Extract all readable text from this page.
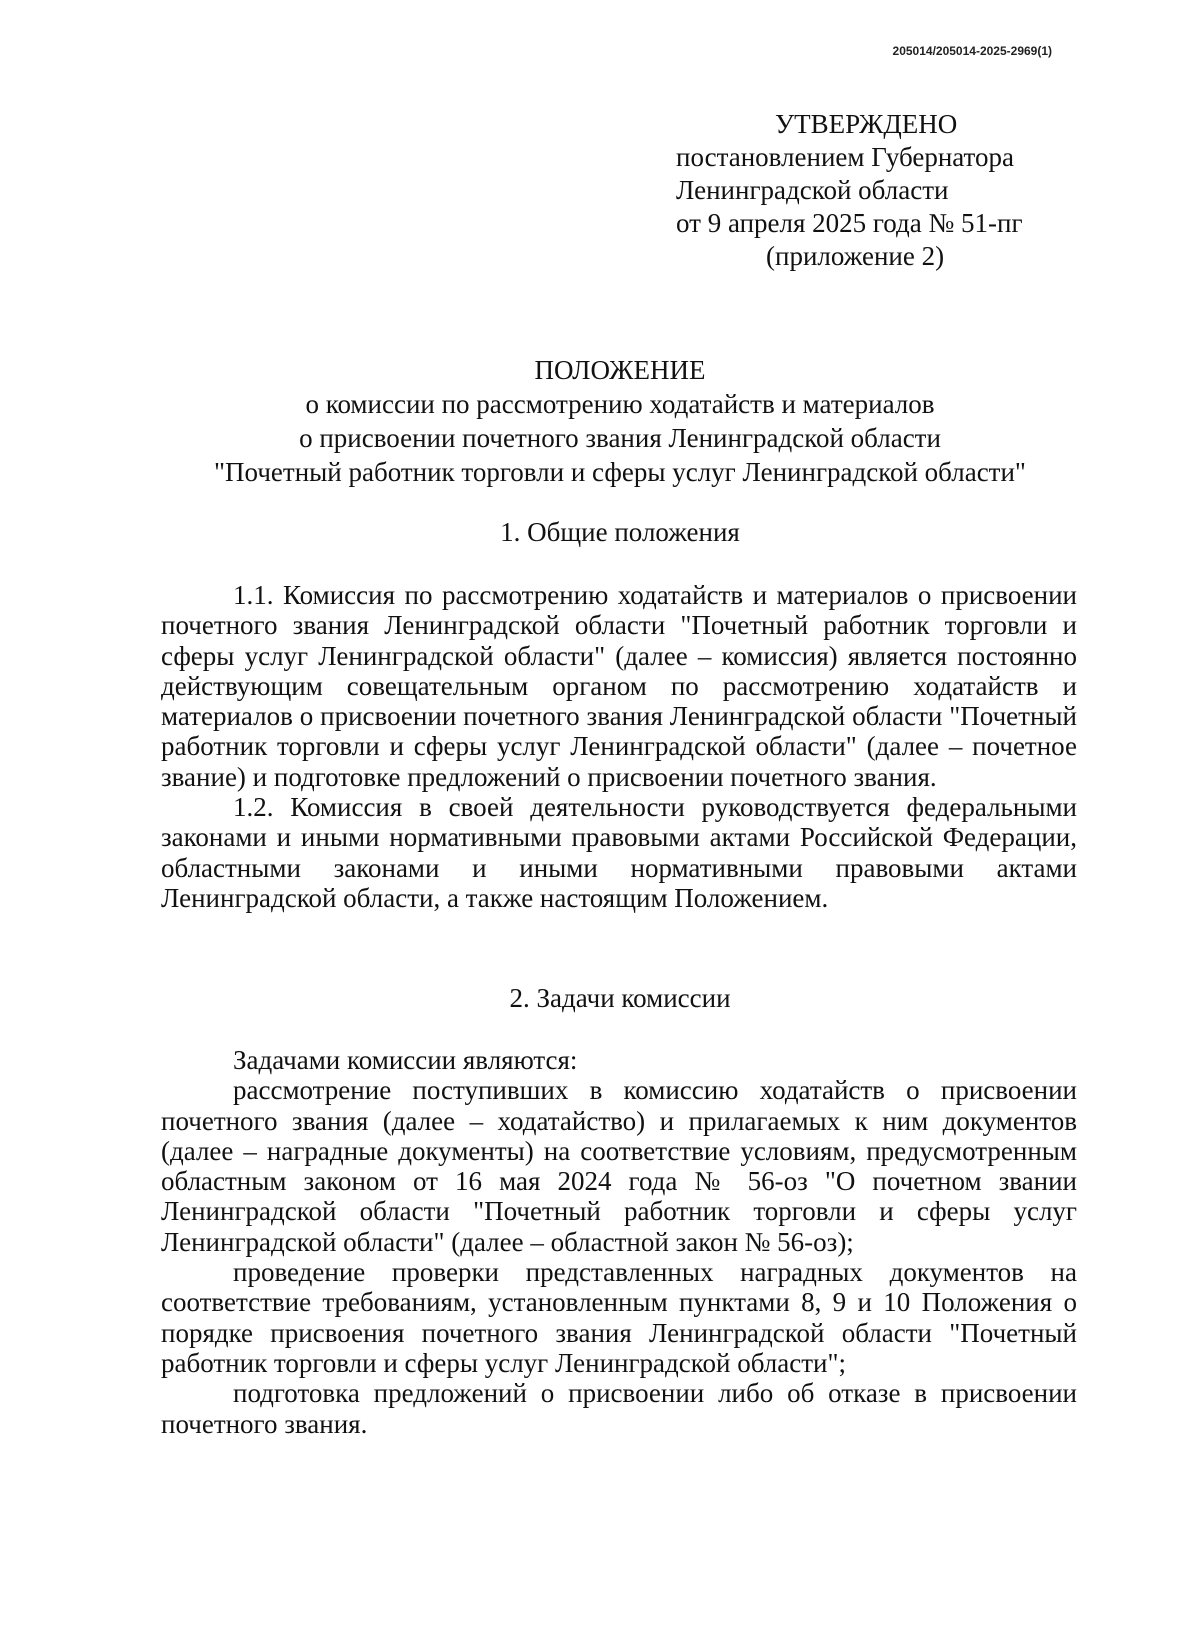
205014/205014-2025-2969(1)
УТВЕРЖДЕНО
постановлением Губернатора
Ленинградской области
от 9 апреля 2025 года № 51-пг
(приложение 2)
ПОЛОЖЕНИЕ
о комиссии по рассмотрению ходатайств и материалов
о присвоении почетного звания Ленинградской области
"Почетный работник торговли и сферы услуг Ленинградской области"
1. Общие положения

1.1. Комиссия по рассмотрению ходатайств и материалов о присвоении почетного звания Ленинградской области "Почетный работник торговли и сферы услуг Ленинградской области" (далее – комиссия) является постоянно действующим совещательным органом по рассмотрению ходатайств и материалов о присвоении почетного звания Ленинградской области "Почетный работник торговли и сферы услуг Ленинградской области" (далее – почетное звание) и подготовке предложений о присвоении почетного звания.

1.2. Комиссия в своей деятельности руководствуется федеральными законами и иными нормативными правовыми актами Российской Федерации, областными законами и иными нормативными правовыми актами Ленинградской области, а также настоящим Положением.

2. Задачи комиссии

Задачами комиссии являются:

рассмотрение поступивших в комиссию ходатайств о присвоении почетного звания (далее – ходатайство) и прилагаемых к ним документов (далее – наградные документы) на соответствие условиям, предусмотренным областным законом от 16 мая 2024 года № 56-оз "О почетном звании Ленинградской области "Почетный работник торговли и сферы услуг Ленинградской области" (далее – областной закон № 56-оз);

проведение проверки представленных наградных документов на соответствие требованиям, установленным пунктами 8, 9 и 10 Положения о порядке присвоения почетного звания Ленинградской области "Почетный работник торговли и сферы услуг Ленинградской области";

подготовка предложений о присвоении либо об отказе в присвоении почетного звания.
